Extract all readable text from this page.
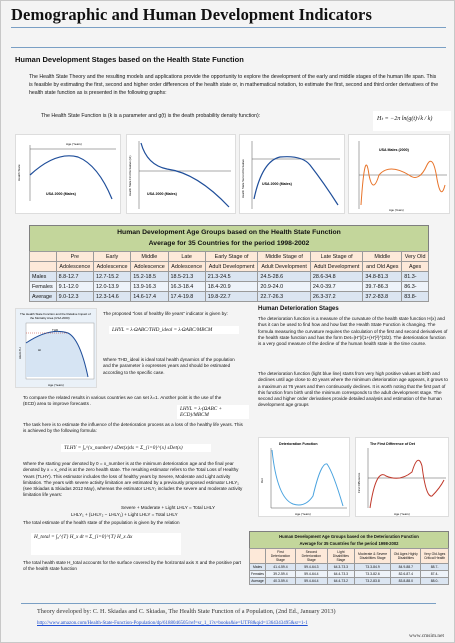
Demographic and Human Development Indicators
Human Development Stages based on the Health State Function
The Health State Theory and the resulting models and applications provide the opportunity to explore the development of the early and middle stages of the human life span. This is feasible by estimating the first, second and higher order differences of the health state or, in mathematical notation, to estimate the first, second and third order derivatives of the health state function as is presented in the following graphs:
The Health State Function is (k is a parameter and g(t) is the death probability density function):	Hₜ = −2π ln(g(t)√k / k)
Health State
Age (Years)
USA 2000 (Males)	Health State First Derivative (x1)	USA 2000 (Males)	Health State Second Derivative	USA 2000 (Males)
USA Males (2000)
Age (Years)
Human Development Age Groups based on the Health State Function
Average for 35 Countries for the period 1998-2002
	Pre	Early	Middle	Late	Early Stage of	Middle Stage of	Late Stage of	Middle	Very Old
	Adolescence	Adolescence	Adolescence	Adolescence	Adult Development	Adult Development	Adult Development	and Old Ages	Ages
Males	8.8-12.7	12.7-15.2	15.2-18.5	18.5-21.3	21.3-24.5	24.5-28.6	28.6-34.8	34.8-81.3	81.3-
Females	9.1-12.0	12.0-13.9	13.9-16.3	16.3-18.4	18.4-20.9	20.9-24.0	24.0-39.7	39.7-86.3	86.3-
Average	9.0-12.3	12.3-14.6	14.6-17.4	17.4-19.8	19.8-22.7	22.7-26.3	26.3-37.2	37.2-83.8	83.8-
The Health State Function and the Relative Impact of
the Mortality Area (USA 2000)
THD
Ht
Age (Years)
HEALTH
The proposed "loss of healthy life years" indicator is given by:
LHYL = λ·ΩABC/THD_ideal = λ·ΩABC/MBCM
Where THD_ideal is ideal total health dynamics of the population and the parameter λ expresses years and should be estimated according to the specific case.
To compare the related results in various countries we can set λ=1. Another point is the use of the (ECD) area to improve forecasts .
LHYL = λ·(ΩABC + ECD)/MBCM
The task here is to estimate the influence of the deterioration process as a loss of the healthy life years. This is achieved by the following formula:
TLHY = ∫₀^{x_number} sDet(x)ds = Σ_{i=0}^{x} sDet(x)
Where the starting year denoted by 0 = x_number is at the minimum deterioration age and the final year denoted by x = x_end is at the zero health state. The resulting estimator refers to the Total Loss of Healthy Years (TLHY). This estimator includes the loss of healthy years by Severe, Moderate and Light activity limitation. The years with severe activity limitation are estimated by a previously proposed estimator LHLY₁ (see Skiadas & Skiadas 2012 May), whereas the estimator LHLY₂ includes the severe and moderate activity limitation life years:
Severe + Moderate + Light LHLY = Total LHLY
LHLY₁ + (LHLY₂ − LHLY₁) + Light LHLY = Total LHLY
The total estimate of the health state of the population is given by the relation
H_total = ∫₀^{T} H_x dt ≈ Σ_{i=0}^{T} H_x Δx
The total health state H_total accounts for the surface covered by the horizontal axis X and the positive part of the health state function
Human Deterioration Stages
The deterioration function is a measure of the curvature of the health state function H(x) and thus it can be used to find how and how fast the Health State Function is changing. The formula measuring the curvature requires the calculation of the first and second derivatives of the health state function and has the form Det=|H''|/(1+(H')²)^(3/2). The deterioration function is a very good measure of the decline of the human health state in the time course.
The deterioration function (light blue line) starts from very high positive values at birth and declines until age close to 40 years where the minimum deterioration age appears, it grows to a maximum at 76 years and then continuously declines. It is worth noting that the first part of this function from birth until the minimum corresponds to the adult development stage. The second and higher order derivatives provide detailed analysis and estimation of the human development age groups
Deterioration Function
Det
Age (Years)
The First Difference of Det
First Difference
Age (Years)
Human Development Age Groups based on the Deterioration Function
Average for 35 Countries for the period 1998-2002
	First Deterioration Stage	Second Deterioration Stage	Light Disabilities Stage	Moderate & Severe Disabilities Stage	Old Ages Highly Disabilities	Very Old Ages Critical Health
Males	41.4-59.4	59.4-64.3	64.3-73.3	73.3-84.9	84.9-88.7	88.7-
Females	39.2-59.4	59.4-64.4	64.4-73.3	73.3-82.6	82.6-87.4	87.4-
Average	40.3-59.4	59.4-64.4	64.4-73.2	73.2-83.8	83.8-88.0	88.0-
Theory developed by: C. H. Skiadas and C. Skiadas, The Health State Function of a Population, (2nd Ed., January 2013)
http://www.amazon.com/Health-State-Function-Population/dp/6188046505/ref=sr_1_1?s=books&ie=UTF8&qid=1364343495&sr=1-1
www.cmsim.net
